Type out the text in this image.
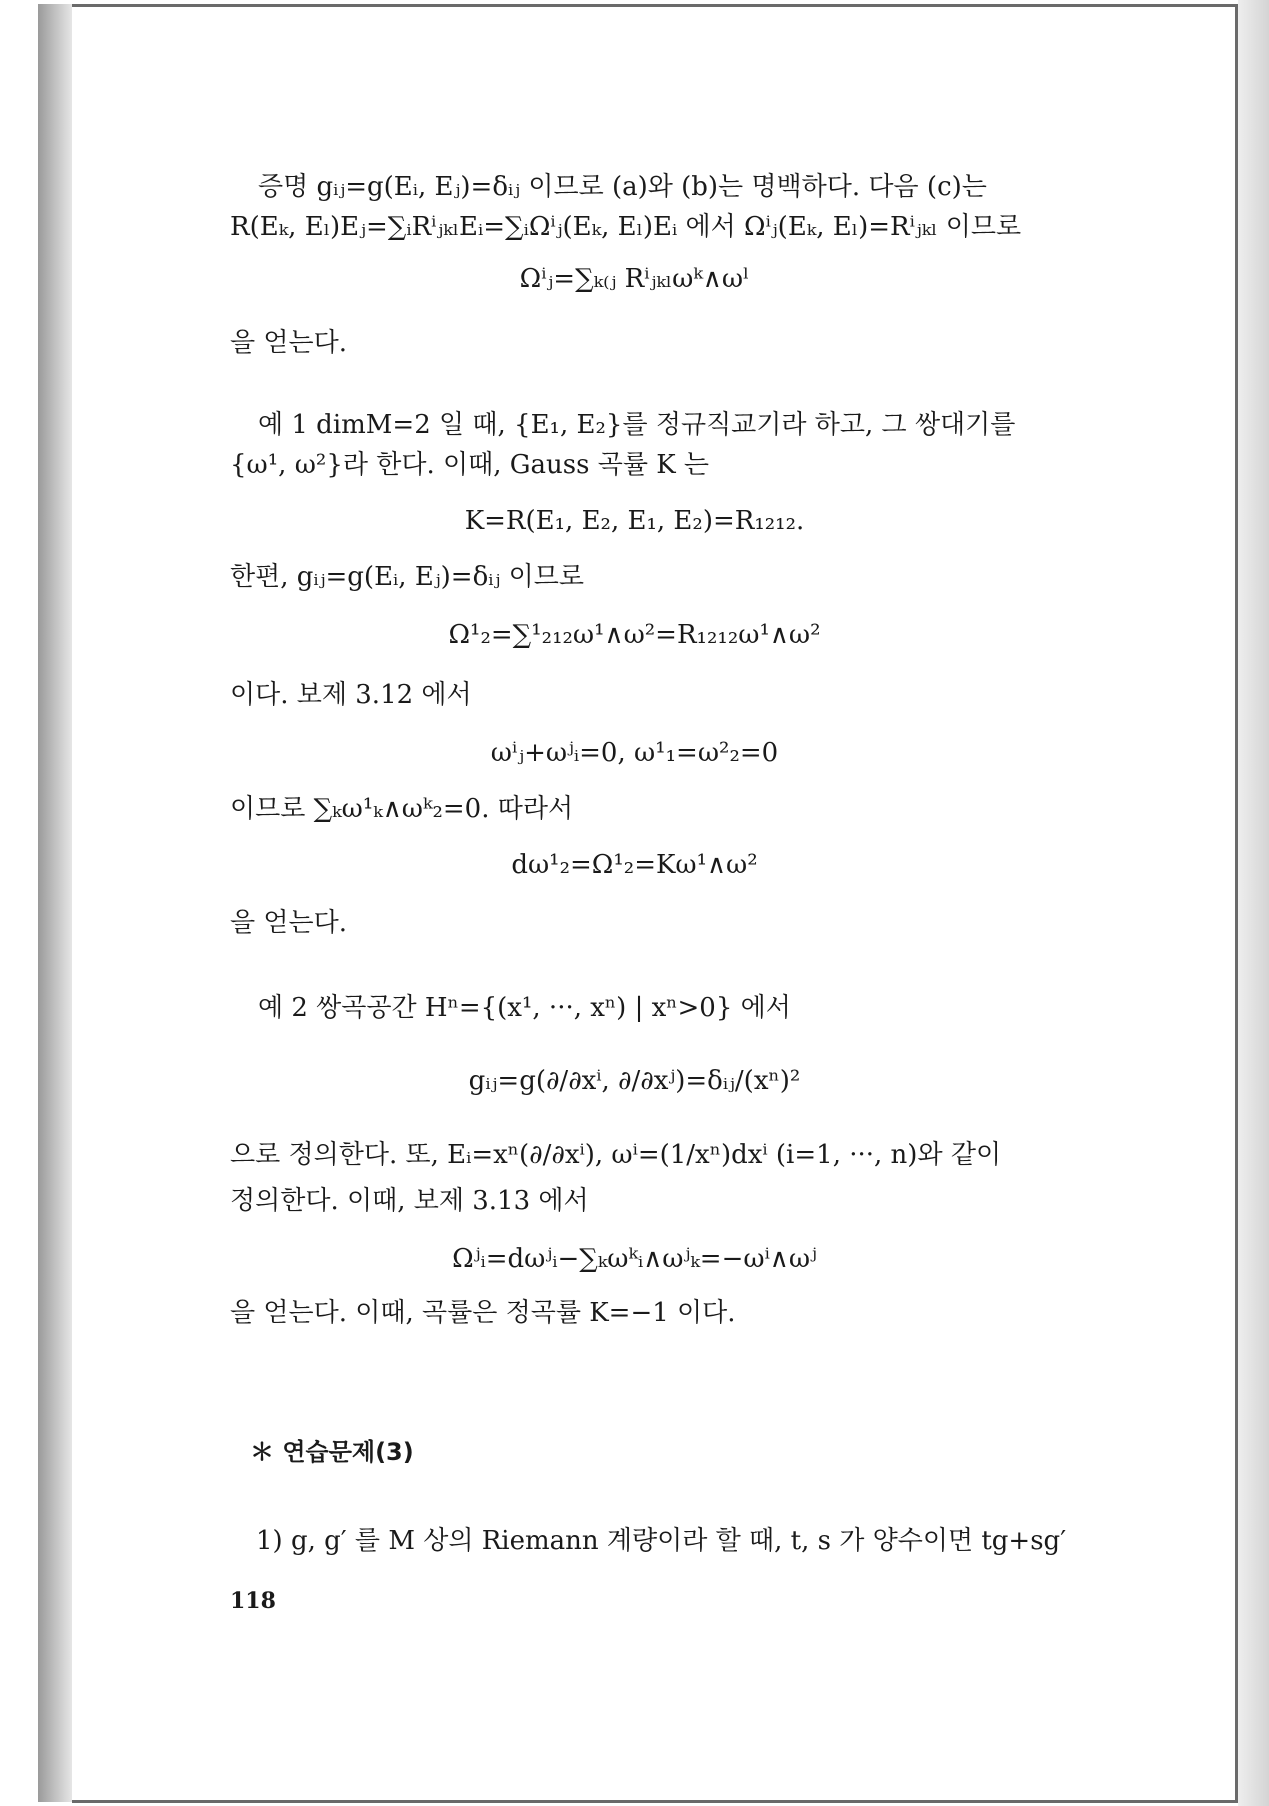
증명 gᵢⱼ=g(Eᵢ, Eⱼ)=δᵢⱼ 이므로 (a)와 (b)는 명백하다. 다음 (c)는
R(Eₖ, Eₗ)Eⱼ=∑ᵢRⁱⱼₖₗEᵢ=∑ᵢΩⁱⱼ(Eₖ, Eₗ)Eᵢ 에서 Ωⁱⱼ(Eₖ, Eₗ)=Rⁱⱼₖₗ 이므로
Ωⁱⱼ=∑ₖ₍ⱼ Rⁱⱼₖₗωᵏ∧ωˡ
을 얻는다.
예 1 dimM=2 일 때, {E₁, E₂}를 정규직교기라 하고, 그 쌍대기를
{ω¹, ω²}라 한다. 이때, Gauss 곡률 K 는
K=R(E₁, E₂, E₁, E₂)=R₁₂₁₂.
한편, gᵢⱼ=g(Eᵢ, Eⱼ)=δᵢⱼ 이므로
Ω¹₂=∑¹₂₁₂ω¹∧ω²=R₁₂₁₂ω¹∧ω²
이다. 보제 3.12 에서
ωⁱⱼ+ωʲᵢ=0, ω¹₁=ω²₂=0
이므로 ∑ₖω¹ₖ∧ωᵏ₂=0. 따라서
dω¹₂=Ω¹₂=Kω¹∧ω²
을 얻는다.
예 2 쌍곡공간 Hⁿ={(x¹, ···, xⁿ) | xⁿ>0} 에서
gᵢⱼ=g(∂/∂xⁱ, ∂/∂xʲ)=δᵢⱼ/(xⁿ)²
으로 정의한다. 또, Eᵢ=xⁿ(∂/∂xⁱ), ωⁱ=(1/xⁿ)dxⁱ (i=1, ···, n)와 같이
정의한다. 이때, 보제 3.13 에서
Ωʲᵢ=dωʲᵢ−∑ₖωᵏᵢ∧ωʲₖ=−ωⁱ∧ωʲ
을 얻는다. 이때, 곡률은 정곡률 K=−1 이다.
＊ 연습문제(3)
1) g, g′ 를 M 상의 Riemann 계량이라 할 때, t, s 가 양수이면 tg+sg′
118
